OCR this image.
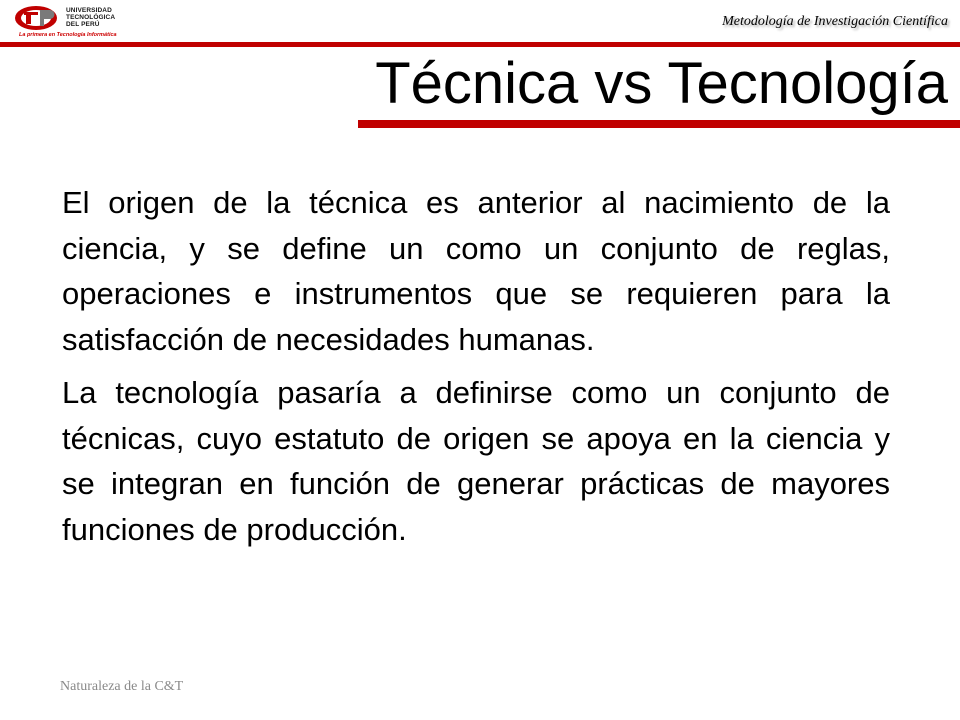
UNIVERSIDAD
TECNOLÓGICA
DEL PERÚ
La primera en Tecnología Informática
Metodología de Investigación Científica
Técnica vs Tecnología

El origen de la técnica es anterior al nacimiento de la ciencia, y se define un como un conjunto de reglas, operaciones e instrumentos que se requieren para la satisfacción de necesidades humanas.

La tecnología pasaría a definirse como un conjunto de técnicas, cuyo estatuto de origen se apoya en la ciencia y se integran en función de generar prácticas de mayores funciones de producción.

Naturaleza de la C&T
